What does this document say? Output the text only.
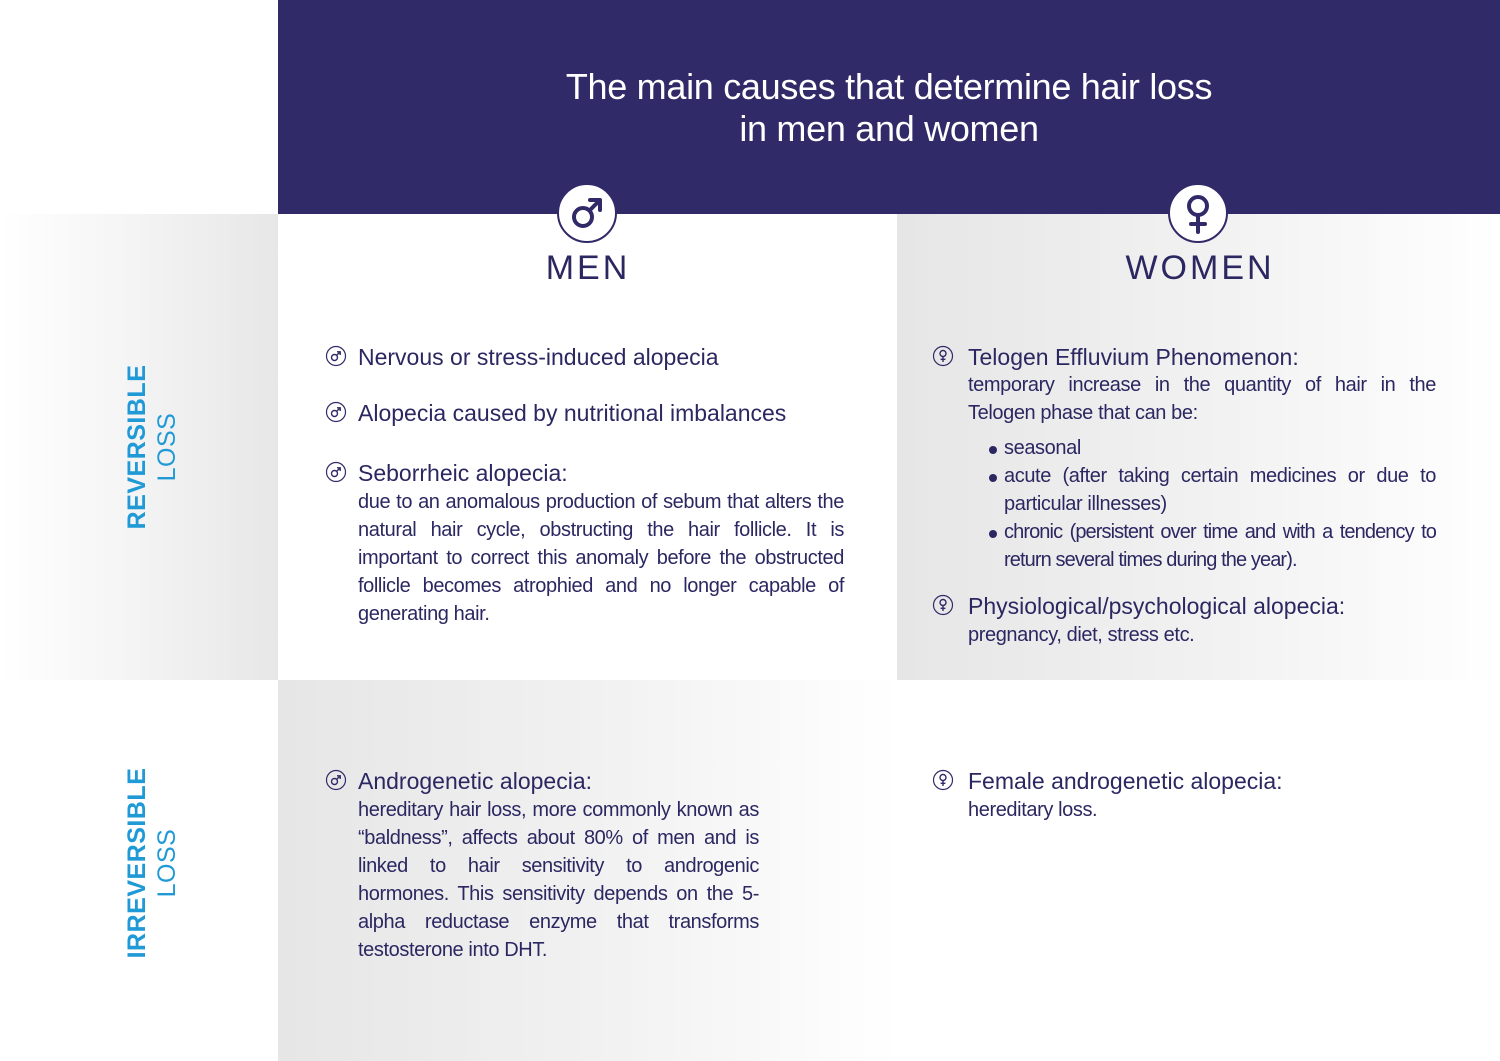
The main causes that determine hair loss
in men and women
MEN	WOMEN
REVERSIBLE LOSS
IRREVERSIBLE LOSS
Nervous or stress-induced alopecia
Alopecia caused by nutritional imbalances
Seborrheic alopecia:
due to an anomalous production of sebum that alters the natural hair cycle, obstructing the hair follicle. It is important to correct this anomaly before the obstructed follicle becomes atrophied and no longer capable of generating hair.
Telogen Effluvium Phenomenon:
temporary increase in the quantity of hair in the Telogen phase that can be:
seasonal
acute (after taking certain medicines or due to particular illnesses)
chronic (persistent over time and with a tendency to return several times during the year).
Physiological/psychological alopecia:
pregnancy, diet, stress etc.
Androgenetic alopecia:
hereditary hair loss, more commonly known as “baldness”, affects about 80% of men and is linked to hair sensitivity to androgenic hormones. This sensitivity depends on the 5-alpha reductase enzyme that transforms testosterone into DHT.
Female androgenetic alopecia:
hereditary loss.
